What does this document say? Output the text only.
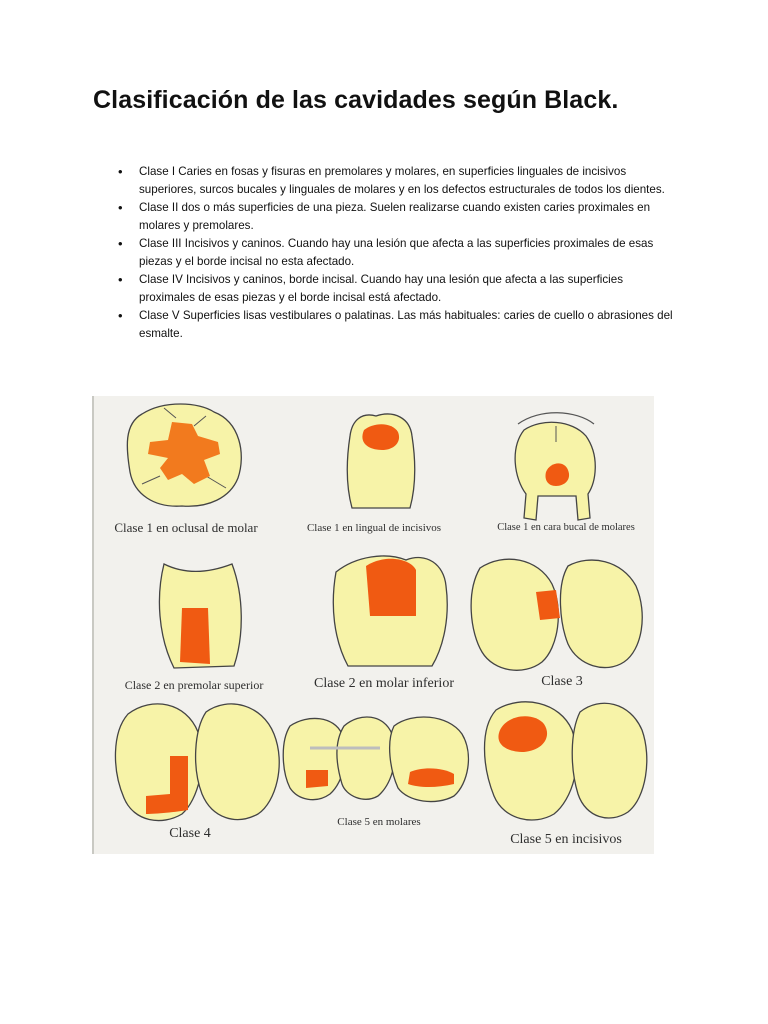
Clasificación de las cavidades según Black.
• Clase I Caries en fosas y fisuras en premolares y molares, en superficies linguales de incisivos superiores, surcos bucales y linguales de molares y en los defectos estructurales de todos los dientes.
• Clase II dos o más superficies de una pieza. Suelen realizarse cuando existen caries proximales en molares y premolares.
• Clase III Incisivos y caninos. Cuando hay una lesión que afecta a las superficies proximales de esas piezas y el borde incisal no esta afectado.
• Clase IV Incisivos y caninos, borde incisal. Cuando hay una lesión que afecta a las superficies proximales de esas piezas y el borde incisal está afectado.
• Clase V Superficies lisas vestibulares o palatinas. Las más habituales: caries de cuello o abrasiones del esmalte.
Clase 1 en oclusal de molar	Clase 1 en lingual de incisivos	Clase 1 en cara bucal de molares
Clase 2 en premolar superior	Clase 2 en molar inferior	Clase 3
Clase 4
Clase 5 en molares
Clase 5 en incisivos
